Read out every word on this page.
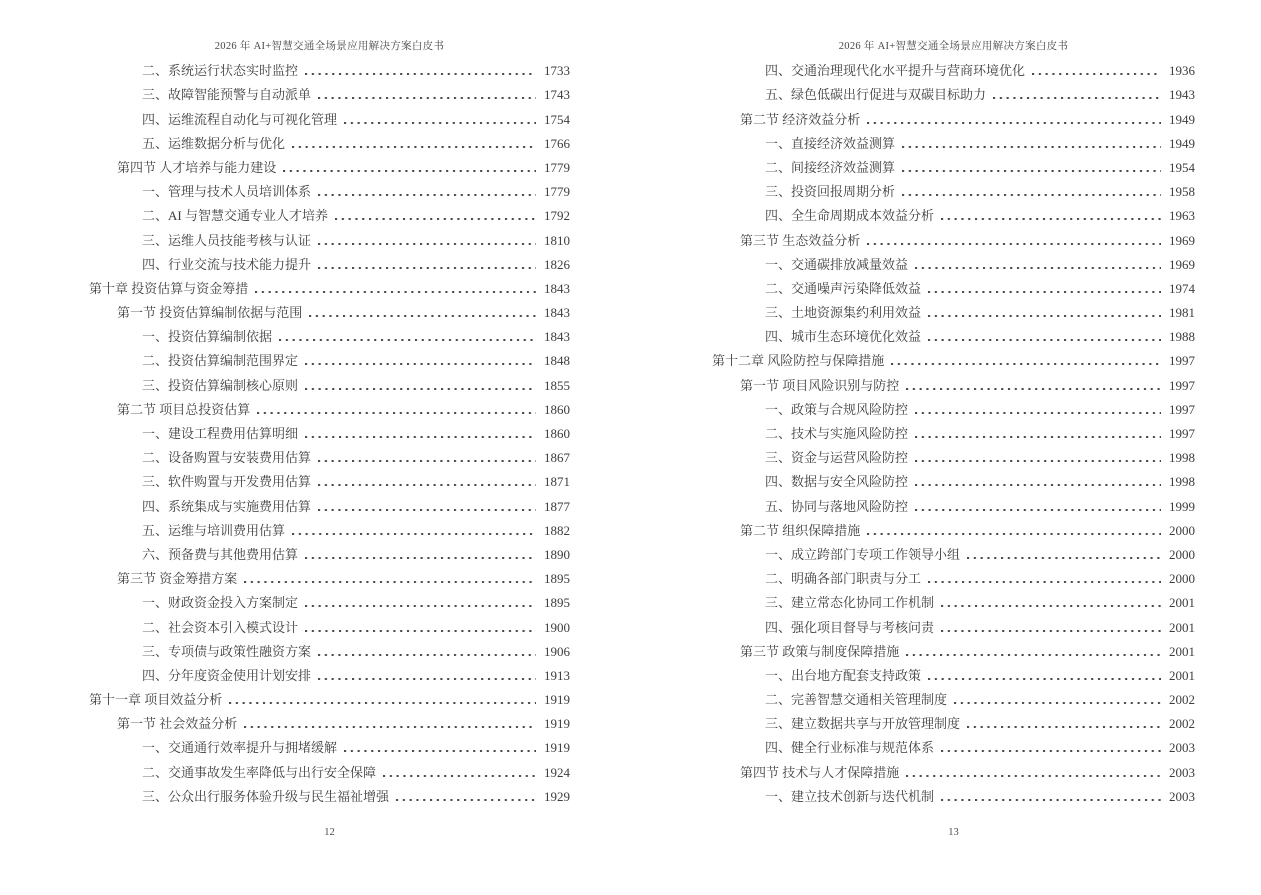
2026 年 AI+智慧交通全场景应用解决方案白皮书
二、系统运行状态实时监控	1733
三、故障智能预警与自动派单	1743
四、运维流程自动化与可视化管理	1754
五、运维数据分析与优化	1766
第四节 人才培养与能力建设	1779
一、管理与技术人员培训体系	1779
二、AI 与智慧交通专业人才培养	1792
三、运维人员技能考核与认证	1810
四、行业交流与技术能力提升	1826
第十章 投资估算与资金筹措	1843
第一节 投资估算编制依据与范围	1843
一、投资估算编制依据	1843
二、投资估算编制范围界定	1848
三、投资估算编制核心原则	1855
第二节 项目总投资估算	1860
一、建设工程费用估算明细	1860
二、设备购置与安装费用估算	1867
三、软件购置与开发费用估算	1871
四、系统集成与实施费用估算	1877
五、运维与培训费用估算	1882
六、预备费与其他费用估算	1890
第三节 资金筹措方案	1895
一、财政资金投入方案制定	1895
二、社会资本引入模式设计	1900
三、专项债与政策性融资方案	1906
四、分年度资金使用计划安排	1913
第十一章 项目效益分析	1919
第一节 社会效益分析	1919
一、交通通行效率提升与拥堵缓解	1919
二、交通事故发生率降低与出行安全保障	1924
三、公众出行服务体验升级与民生福祉增强	1929
12
2026 年 AI+智慧交通全场景应用解决方案白皮书
四、交通治理现代化水平提升与营商环境优化	1936
五、绿色低碳出行促进与双碳目标助力	1943
第二节 经济效益分析	1949
一、直接经济效益测算	1949
二、间接经济效益测算	1954
三、投资回报周期分析	1958
四、全生命周期成本效益分析	1963
第三节 生态效益分析	1969
一、交通碳排放减量效益	1969
二、交通噪声污染降低效益	1974
三、土地资源集约利用效益	1981
四、城市生态环境优化效益	1988
第十二章 风险防控与保障措施	1997
第一节 项目风险识别与防控	1997
一、政策与合规风险防控	1997
二、技术与实施风险防控	1997
三、资金与运营风险防控	1998
四、数据与安全风险防控	1998
五、协同与落地风险防控	1999
第二节 组织保障措施	2000
一、成立跨部门专项工作领导小组	2000
二、明确各部门职责与分工	2000
三、建立常态化协同工作机制	2001
四、强化项目督导与考核问责	2001
第三节 政策与制度保障措施	2001
一、出台地方配套支持政策	2001
二、完善智慧交通相关管理制度	2002
三、建立数据共享与开放管理制度	2002
四、健全行业标准与规范体系	2003
第四节 技术与人才保障措施	2003
一、建立技术创新与迭代机制	2003
13
